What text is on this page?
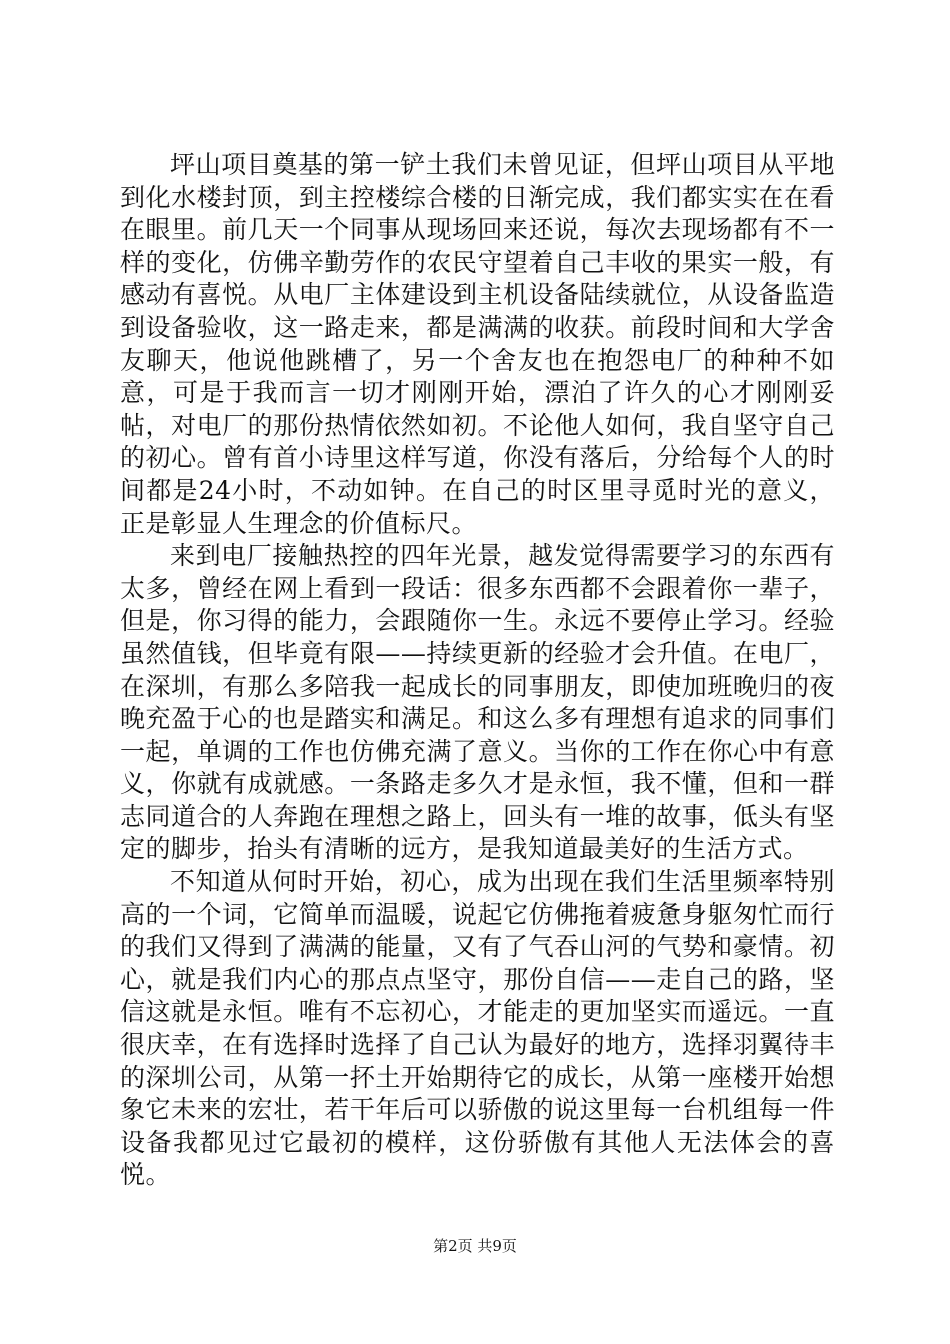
坪山项目奠基的第一铲土我们未曾见证，但坪山项目从平地到化水楼封顶，到主控楼综合楼的日渐完成，我们都实实在在看在眼里。前几天一个同事从现场回来还说，每次去现场都有不一样的变化，仿佛辛勤劳作的农民守望着自己丰收的果实一般，有感动有喜悦。从电厂主体建设到主机设备陆续就位，从设备监造到设备验收，这一路走来，都是满满的收获。前段时间和大学舍友聊天，他说他跳槽了，另一个舍友也在抱怨电厂的种种不如意，可是于我而言一切才刚刚开始，漂泊了许久的心才刚刚妥帖，对电厂的那份热情依然如初。不论他人如何，我自坚守自己的初心。曾有首小诗里这样写道，你没有落后，分给每个人的时间都是24小时，不动如钟。在自己的时区里寻觅时光的意义，正是彰显人生理念的价值标尺。

来到电厂接触热控的四年光景，越发觉得需要学习的东西有太多，曾经在网上看到一段话：很多东西都不会跟着你一辈子，但是，你习得的能力，会跟随你一生。永远不要停止学习。经验虽然值钱，但毕竟有限——持续更新的经验才会升值。在电厂，在深圳，有那么多陪我一起成长的同事朋友，即使加班晚归的夜晚充盈于心的也是踏实和满足。和这么多有理想有追求的同事们一起，单调的工作也仿佛充满了意义。当你的工作在你心中有意义，你就有成就感。一条路走多久才是永恒，我不懂，但和一群志同道合的人奔跑在理想之路上，回头有一堆的故事，低头有坚定的脚步，抬头有清晰的远方，是我知道最美好的生活方式。

不知道从何时开始，初心，成为出现在我们生活里频率特别高的一个词，它简单而温暖，说起它仿佛拖着疲惫身躯匆忙而行的我们又得到了满满的能量，又有了气吞山河的气势和豪情。初心，就是我们内心的那点点坚守，那份自信——走自己的路，坚信这就是永恒。唯有不忘初心，才能走的更加坚实而遥远。一直很庆幸，在有选择时选择了自己认为最好的地方，选择羽翼待丰的深圳公司，从第一抔土开始期待它的成长，从第一座楼开始想象它未来的宏壮，若干年后可以骄傲的说这里每一台机组每一件设备我都见过它最初的模样，这份骄傲有其他人无法体会的喜悦。

第2页 共9页
